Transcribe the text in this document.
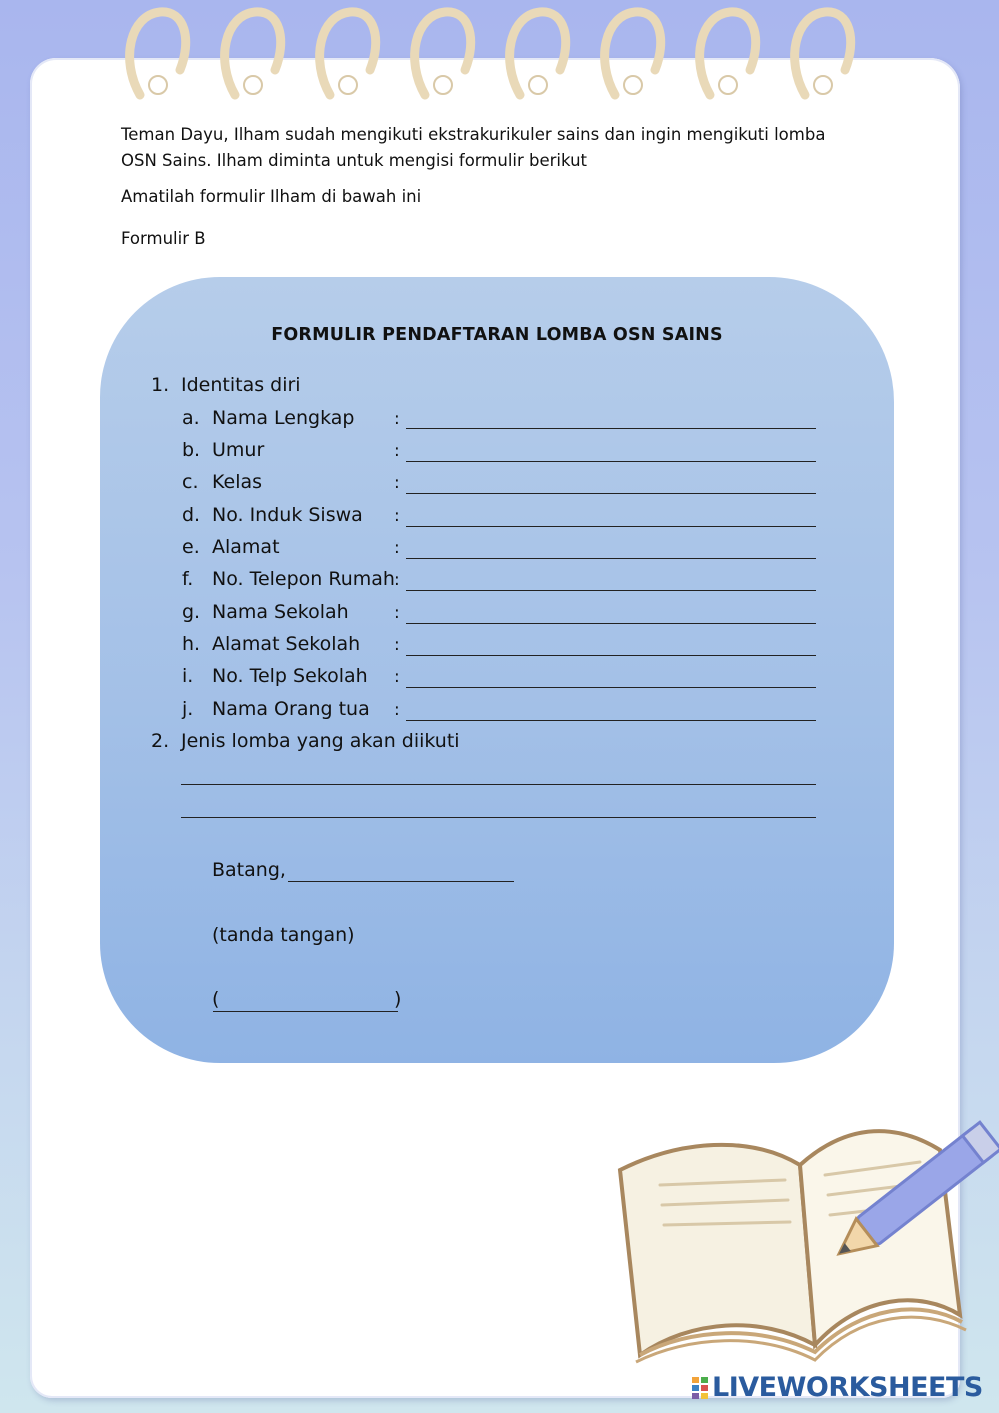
Teman Dayu, Ilham sudah mengikuti ekstrakurikuler sains dan ingin mengikuti lomba
OSN Sains. Ilham diminta untuk mengisi formulir berikut
Amatilah formulir Ilham di bawah ini
Formulir B
FORMULIR PENDAFTARAN LOMBA OSN SAINS
1. Identitas diri
a. Nama Lengkap :
b. Umur	:
c. Kelas	:
d. No. Induk Siswa :
e. Alamat	:
f. No. Telepon Rumah :
g. Nama Sekolah	:
h. Alamat Sekolah :
i. No. Telp Sekolah :
j. Nama Orang tua :
2. Jenis lomba yang akan diikuti
Batang,
(tanda tangan)
(	)
LIVEWORKSHEETS
